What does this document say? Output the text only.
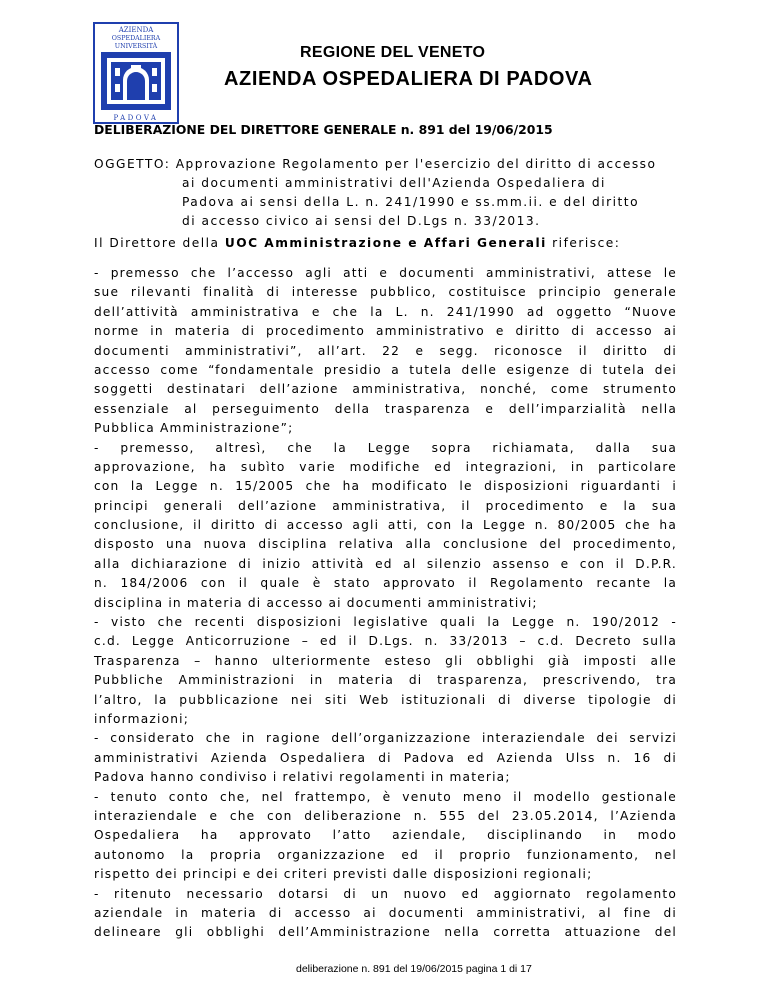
AZIENDA
OSPEDALIERA
UNIVERSITÀ
PADOVA
REGIONE DEL VENETO
AZIENDA OSPEDALIERA DI PADOVA
DELIBERAZIONE DEL DIRETTORE GENERALE n. 891 del 19/06/2015
OGGETTO: Approvazione Regolamento per l'esercizio del diritto di accesso
ai documenti amministrativi dell'Azienda Ospedaliera di
Padova ai sensi della L. n. 241/1990 e ss.mm.ii. e del diritto
di accesso civico ai sensi del D.Lgs n. 33/2013.
Il Direttore della UOC Amministrazione e Affari Generali riferisce:
- premesso che l’accesso agli atti e documenti amministrativi, attese le
sue rilevanti finalità di interesse pubblico, costituisce principio generale
dell’attività amministrativa e che la L. n. 241/1990 ad oggetto “Nuove
norme in materia di procedimento amministrativo e diritto di accesso ai
documenti amministrativi”, all’art. 22 e segg. riconosce il diritto di
accesso come “fondamentale presidio a tutela delle esigenze di tutela dei
soggetti destinatari dell’azione amministrativa, nonché, come strumento
essenziale al perseguimento della trasparenza e dell’imparzialità nella
Pubblica Amministrazione”;
- premesso, altresì, che la Legge sopra richiamata, dalla sua
approvazione, ha subìto varie modifiche ed integrazioni, in particolare
con la Legge n. 15/2005 che ha modificato le disposizioni riguardanti i
principi generali dell’azione amministrativa, il procedimento e la sua
conclusione, il diritto di accesso agli atti, con la Legge n. 80/2005 che ha
disposto una nuova disciplina relativa alla conclusione del procedimento,
alla dichiarazione di inizio attività ed al silenzio assenso e con il D.P.R.
n. 184/2006 con il quale è stato approvato il Regolamento recante la
disciplina in materia di accesso ai documenti amministrativi;
- visto che recenti disposizioni legislative quali la Legge n. 190/2012 -
c.d. Legge Anticorruzione – ed il D.Lgs. n. 33/2013 – c.d. Decreto sulla
Trasparenza – hanno ulteriormente esteso gli obblighi già imposti alle
Pubbliche Amministrazioni in materia di trasparenza, prescrivendo, tra
l’altro, la pubblicazione nei siti Web istituzionali di diverse tipologie di
informazioni;
- considerato che in ragione dell’organizzazione interaziendale dei servizi
amministrativi Azienda Ospedaliera di Padova ed Azienda Ulss n. 16 di
Padova hanno condiviso i relativi regolamenti in materia;
- tenuto conto che, nel frattempo, è venuto meno il modello gestionale
interaziendale e che con deliberazione n. 555 del 23.05.2014, l’Azienda
Ospedaliera ha approvato l’atto aziendale, disciplinando in modo
autonomo la propria organizzazione ed il proprio funzionamento, nel
rispetto dei principi e dei criteri previsti dalle disposizioni regionali;
- ritenuto necessario dotarsi di un nuovo ed aggiornato regolamento
aziendale in materia di accesso ai documenti amministrativi, al fine di
delineare gli obblighi dell’Amministrazione nella corretta attuazione del
deliberazione n. 891 del 19/06/2015 pagina 1 di 17
